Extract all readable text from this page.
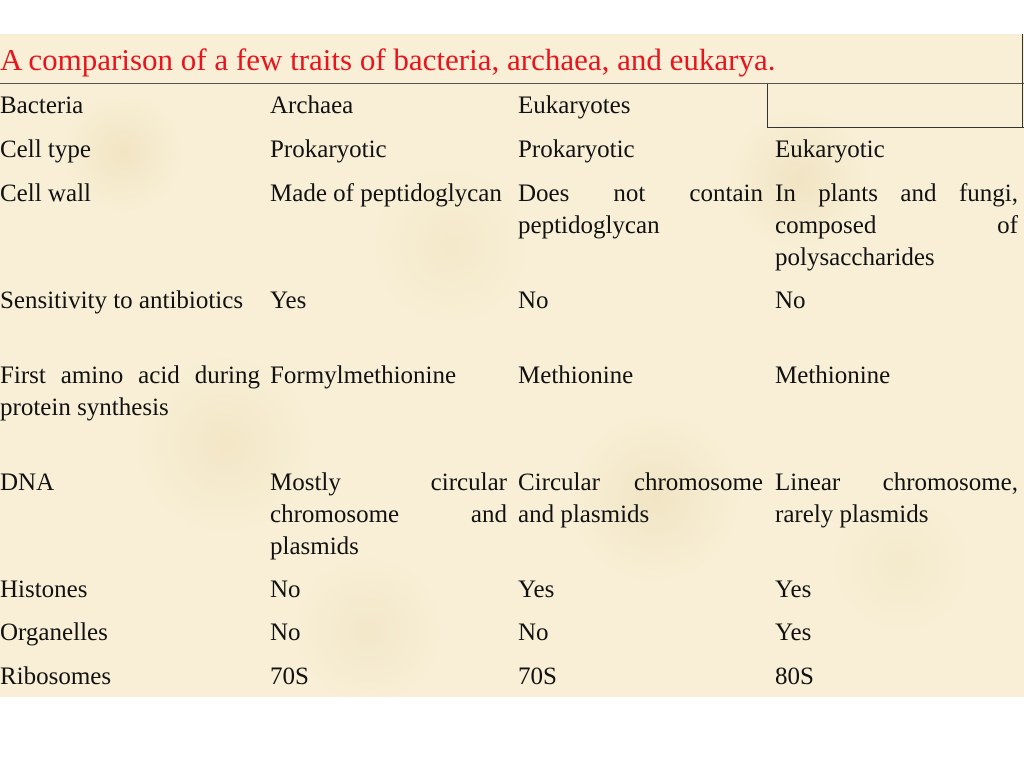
A comparison of a few traits of bacteria, archaea, and eukarya.
Bacteria	Archaea	Eukaryotes	
Cell type	Prokaryotic	Prokaryotic	Eukaryotic
Cell wall	Made of peptidoglycan	Does not contain peptidoglycan	In plants and fungi, composed of polysaccharides
Sensitivity to antibiotics	Yes	No	No
First amino acid during protein synthesis	Formylmethionine	Methionine	Methionine
DNA	Mostly circular chromosome and plasmids	Circular chromosome and plasmids	Linear chromosome, rarely plasmids
Histones	No	Yes	Yes
Organelles	No	No	Yes
Ribosomes	70S	70S	80S
